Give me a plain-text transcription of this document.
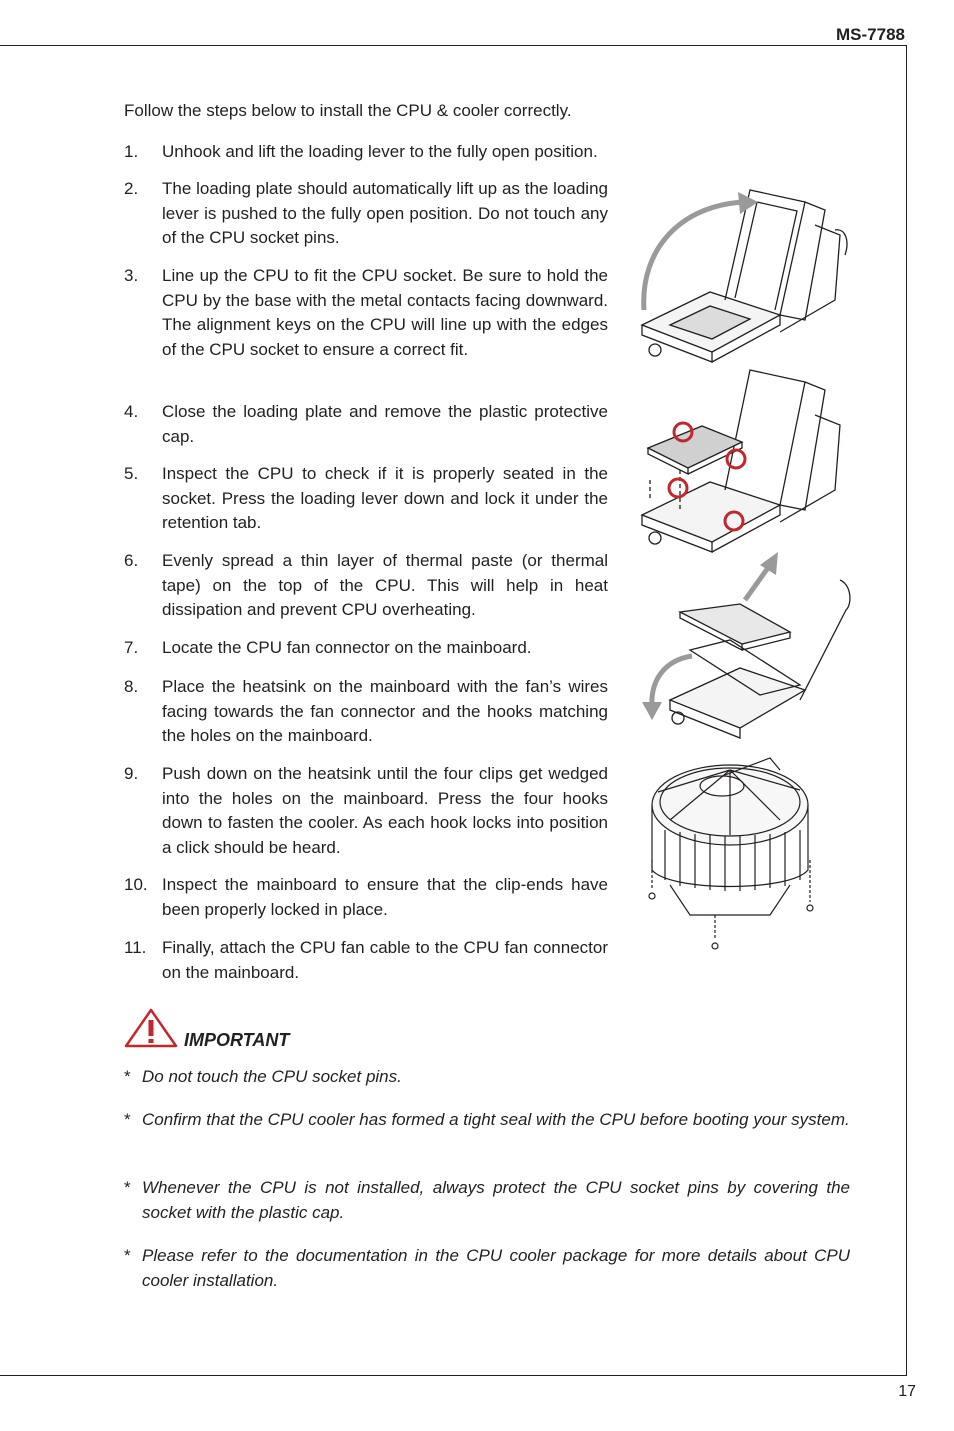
MS-7788
Follow the steps below to install the CPU & cooler correctly.
1.	Unhook and lift the loading lever to the fully open position.
2.	The loading plate should automatically lift up as the loading lever is pushed to the fully open position. Do not touch any of the CPU socket pins.
3.	Line up the CPU to fit the CPU socket. Be sure to hold the CPU by the base with the metal contacts facing downward. The alignment keys on the CPU will line up with the edges of the CPU socket to ensure a correct fit.
4.	Close the loading plate and remove the plastic protective cap.
5.	Inspect the CPU to check if it is properly seated in the socket. Press the loading lever down and lock it under the retention tab.
6.	Evenly spread a thin layer of thermal paste (or thermal tape) on the top of the CPU. This will help in heat dissipation and prevent CPU overheating.
7.	Locate the CPU fan connector on the mainboard.
8.	Place the heatsink on the mainboard with the fan’s wires facing towards the fan connector and the hooks matching the holes on the mainboard.
9.	Push down on the heatsink until the four clips get wedged into the holes on the mainboard. Press the four hooks down to fasten the cooler. As each hook locks into position a click should be heard.
10. Inspect the mainboard to ensure that the clip-ends have been properly locked in place.
11. Finally, attach the CPU fan cable to the CPU fan connector on the mainboard.
IMPORTANT
* Do not touch the CPU socket pins.
* Confirm that the CPU cooler has formed a tight seal with the CPU before booting your system.
* Whenever the CPU is not installed, always protect the CPU socket pins by covering the socket with the plastic cap.
* Please refer to the documentation in the CPU cooler package for more details about CPU cooler installation.
17
